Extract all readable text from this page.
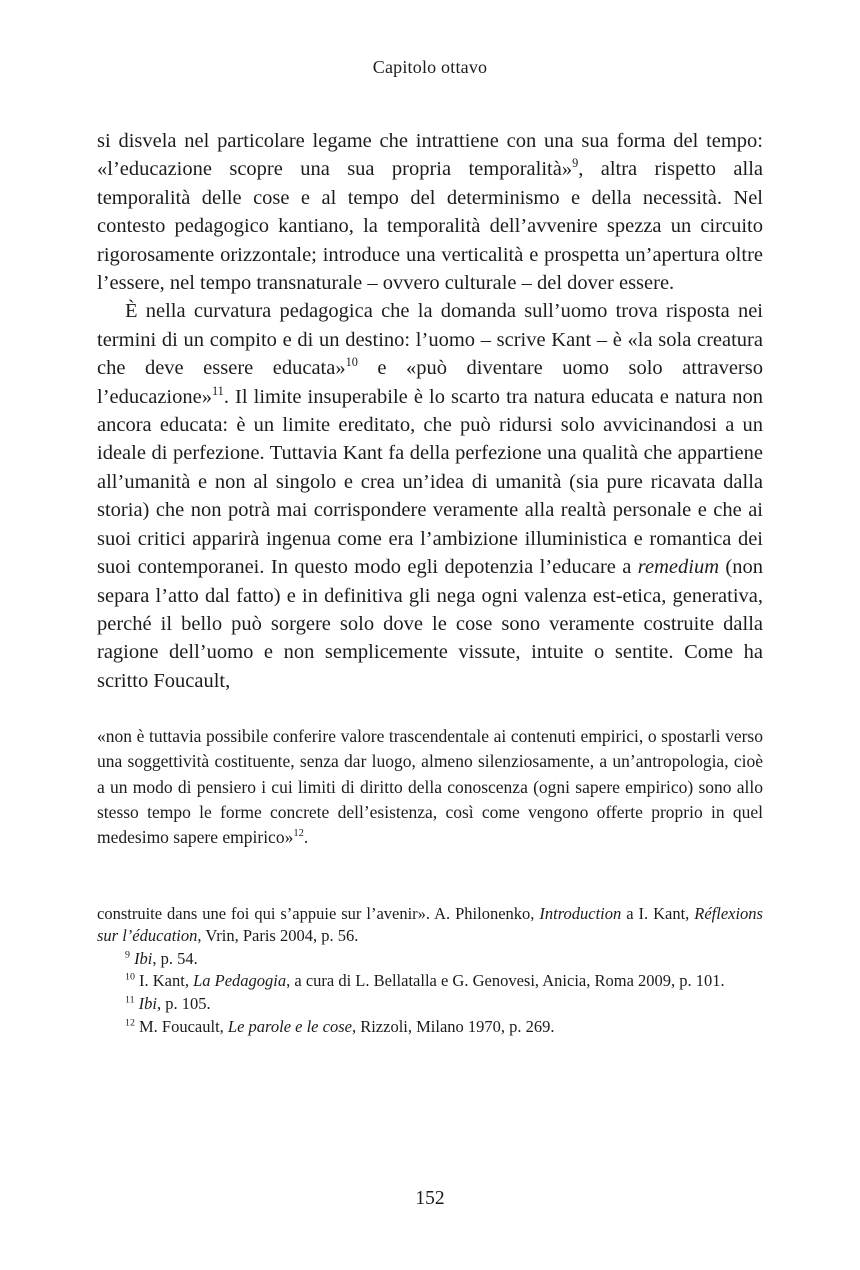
Capitolo ottavo

si disvela nel particolare legame che intrattiene con una sua forma del tempo: «l’educazione scopre una sua propria temporalità»$^9$, altra rispetto alla temporalità delle cose e al tempo del determinismo e della necessità. Nel contesto pedagogico kantiano, la temporalità dell’avvenire spezza un circuito rigorosamente orizzontale; introduce una verticalità e prospetta un’apertura oltre l’essere, nel tempo transnaturale – ovvero culturale – del dover essere.

È nella curvatura pedagogica che la domanda sull’uomo trova risposta nei termini di un compito e di un destino: l’uomo – scrive Kant – è «la sola creatura che deve essere educata»$^{10}$ e «può diventare uomo solo attraverso l’educazione»$^{11}$. Il limite insuperabile è lo scarto tra natura educata e natura non ancora educata: è un limite ereditato, che può ridursi solo avvicinandosi a un ideale di perfezione. Tuttavia Kant fa della perfezione una qualità che appartiene all’umanità e non al singolo e crea un’idea di umanità (sia pure ricavata dalla storia) che non potrà mai corrispondere veramente alla realtà personale e che ai suoi critici apparirà ingenua come era l’ambizione illuministica e romantica dei suoi contemporanei. In questo modo egli depotenzia l’educare a remedium (non separa l’atto dal fatto) e in definitiva gli nega ogni valenza est-etica, generativa, perché il bello può sorgere solo dove le cose sono veramente costruite dalla ragione dell’uomo e non semplicemente vissute, intuite o sentite. Come ha scritto Foucault,

«non è tuttavia possibile conferire valore trascendentale ai contenuti empirici, o spostarli verso una soggettività costituente, senza dar luogo, almeno silenziosamente, a un’antropologia, cioè a un modo di pensiero i cui limiti di diritto della conoscenza (ogni sapere empirico) sono allo stesso tempo le forme concrete dell’esistenza, così come vengono offerte proprio in quel medesimo sapere empirico»$^{12}$.

construite dans une foi qui s’appuie sur l’avenir». A. Philonenko, Introduction a I. Kant, Réflexions sur l’éducation, Vrin, Paris 2004, p. 56.

$^9$ Ibi, p. 54.

$^{10}$ I. Kant, La Pedagogia, a cura di L. Bellatalla e G. Genovesi, Anicia, Roma 2009, p. 101.

$^{11}$ Ibi, p. 105.

$^{12}$ M. Foucault, Le parole e le cose, Rizzoli, Milano 1970, p. 269.

152
